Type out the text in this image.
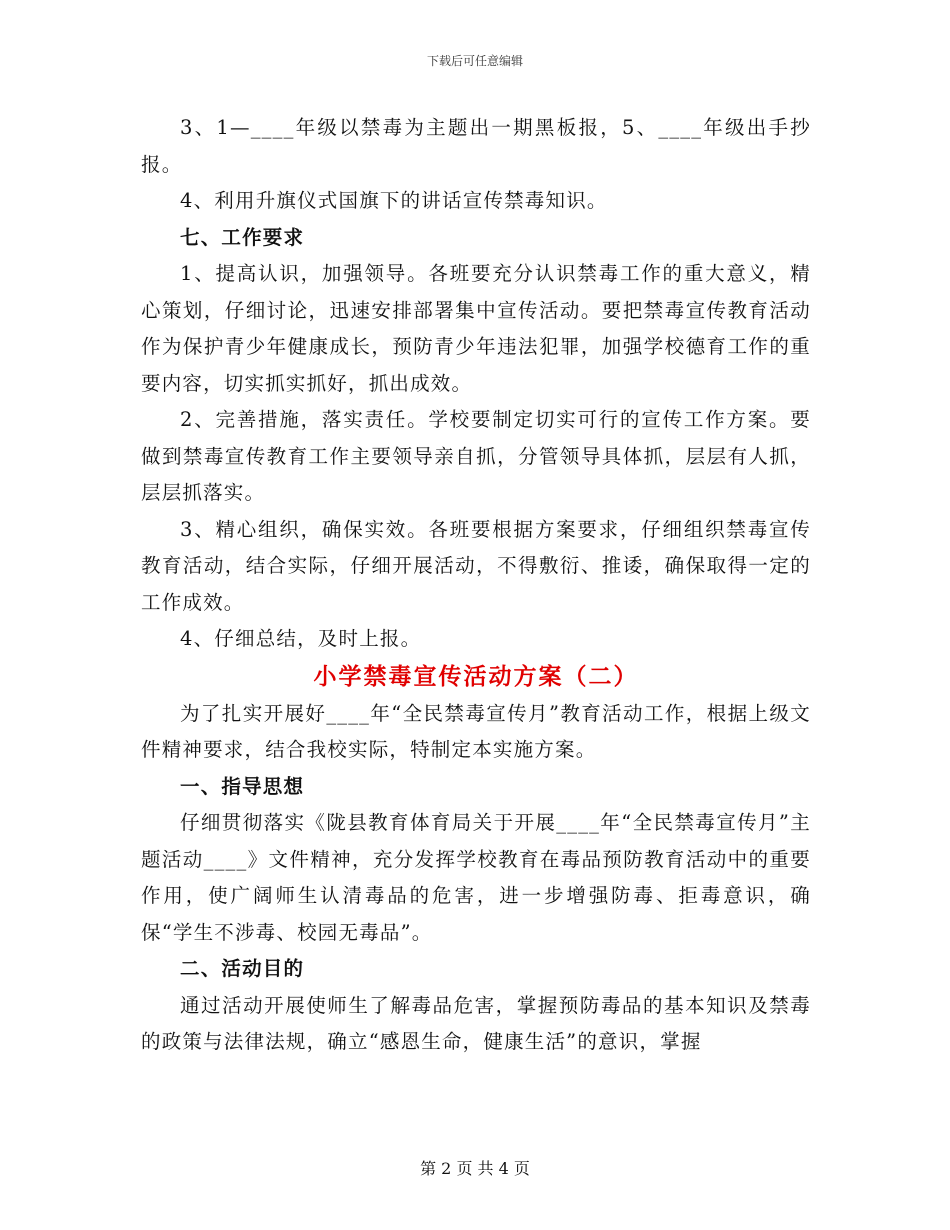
下载后可任意编辑

3、1—____年级以禁毒为主题出一期黑板报，5、____年级出手抄报。

4、利用升旗仪式国旗下的讲话宣传禁毒知识。

七、工作要求

1、提高认识，加强领导。各班要充分认识禁毒工作的重大意义，精心策划，仔细讨论，迅速安排部署集中宣传活动。要把禁毒宣传教育活动作为保护青少年健康成长，预防青少年违法犯罪，加强学校德育工作的重要内容，切实抓实抓好，抓出成效。

2、完善措施，落实责任。学校要制定切实可行的宣传工作方案。要做到禁毒宣传教育工作主要领导亲自抓，分管领导具体抓，层层有人抓，层层抓落实。

3、精心组织，确保实效。各班要根据方案要求，仔细组织禁毒宣传教育活动，结合实际，仔细开展活动，不得敷衍、推诿，确保取得一定的工作成效。

4、仔细总结，及时上报。

小学禁毒宣传活动方案（二）

为了扎实开展好____年“全民禁毒宣传月”教育活动工作，根据上级文件精神要求，结合我校实际，特制定本实施方案。

一、指导思想

仔细贯彻落实《陇县教育体育局关于开展____年“全民禁毒宣传月”主题活动____》文件精神，充分发挥学校教育在毒品预防教育活动中的重要作用，使广阔师生认清毒品的危害，进一步增强防毒、拒毒意识，确保“学生不涉毒、校园无毒品”。

二、活动目的

通过活动开展使师生了解毒品危害，掌握预防毒品的基本知识及禁毒的政策与法律法规，确立“感恩生命，健康生活”的意识，掌握

第 2 页 共 4 页
